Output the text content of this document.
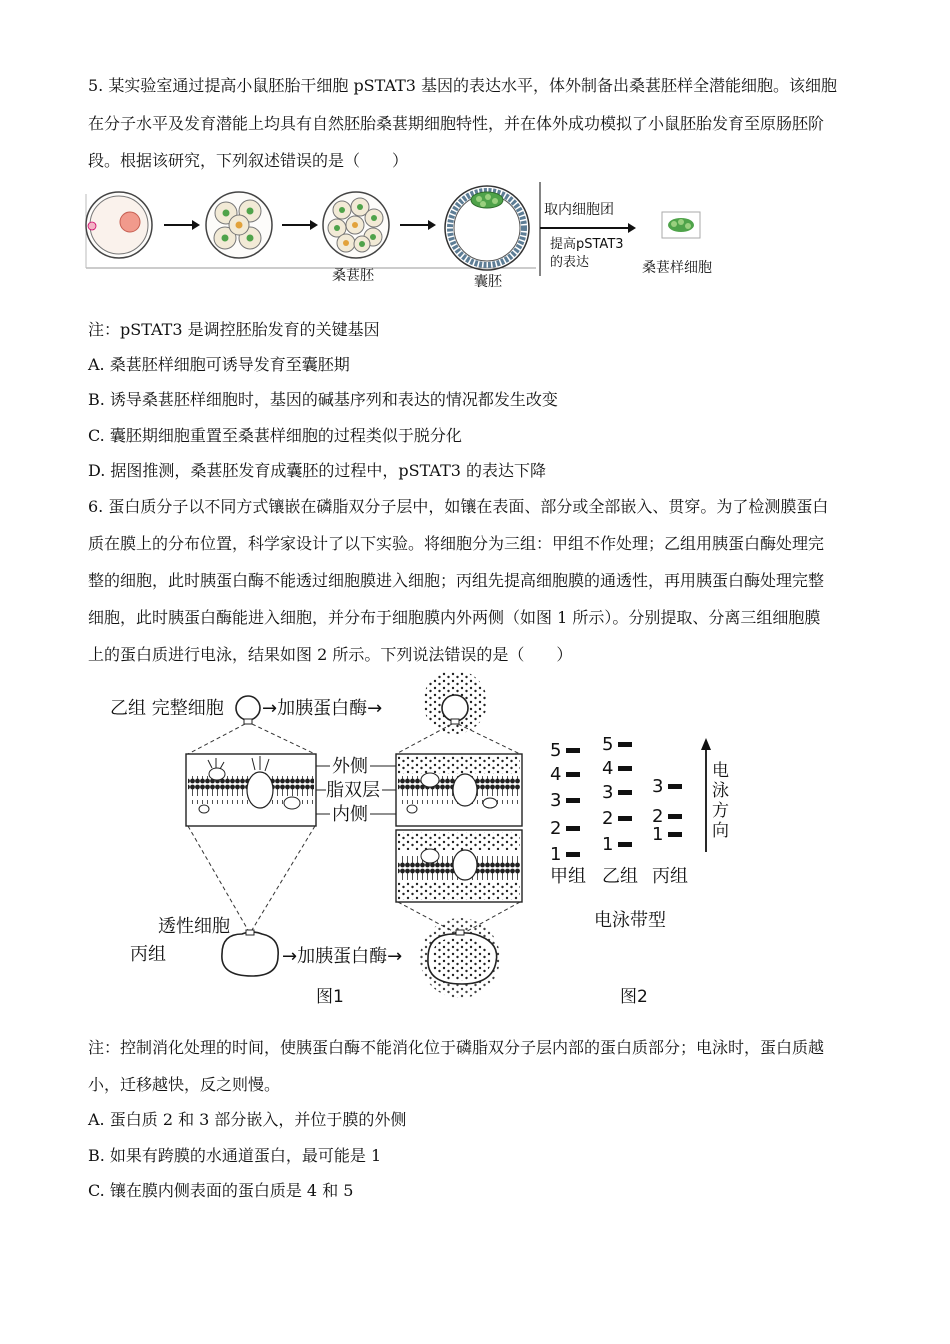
5. 某实验室通过提高小鼠胚胎干细胞 pSTAT3 基因的表达水平，体外制备出桑葚胚样全潜能细胞。该细胞
在分子水平及发育潜能上均具有自然胚胎桑葚期细胞特性，并在体外成功模拟了小鼠胚胎发育至原肠胚阶
段。根据该研究，下列叙述错误的是（　　）
取内细胞团
提高pSTAT3
的表达
桑葚胚	囊胚
桑葚样细胞
注：pSTAT3 是调控胚胎发育的关键基因
A. 桑葚胚样细胞可诱导发育至囊胚期
B. 诱导桑葚胚样细胞时，基因的碱基序列和表达的情况都发生改变
C. 囊胚期细胞重置至桑葚样细胞的过程类似于脱分化
D. 据图推测，桑葚胚发育成囊胚的过程中，pSTAT3 的表达下降
6. 蛋白质分子以不同方式镶嵌在磷脂双分子层中，如镶在表面、部分或全部嵌入、贯穿。为了检测膜蛋白
质在膜上的分布位置，科学家设计了以下实验。将细胞分为三组：甲组不作处理；乙组用胰蛋白酶处理完
整的细胞，此时胰蛋白酶不能透过细胞膜进入细胞；丙组先提高细胞膜的通透性，再用胰蛋白酶处理完整
细胞，此时胰蛋白酶能进入细胞，并分布于细胞膜内外两侧（如图 1 所示）。分别提取、分离三组细胞膜
上的蛋白质进行电泳，结果如图 2 所示。下列说法错误的是（　　）
乙组 完整细胞 →加胰蛋白酶→
外侧
脂双层
内侧
透性细胞
丙组	→加胰蛋白酶→
图1
5
4
3
2
1
5
4
3
2
1
3
2
1
甲组 乙组 丙组
电
泳
方
向
电泳带型
图2
注：控制消化处理的时间，使胰蛋白酶不能消化位于磷脂双分子层内部的蛋白质部分；电泳时，蛋白质越
小，迁移越快，反之则慢。
A. 蛋白质 2 和 3 部分嵌入，并位于膜的外侧
B. 如果有跨膜的水通道蛋白，最可能是 1
C. 镶在膜内侧表面的蛋白质是 4 和 5
